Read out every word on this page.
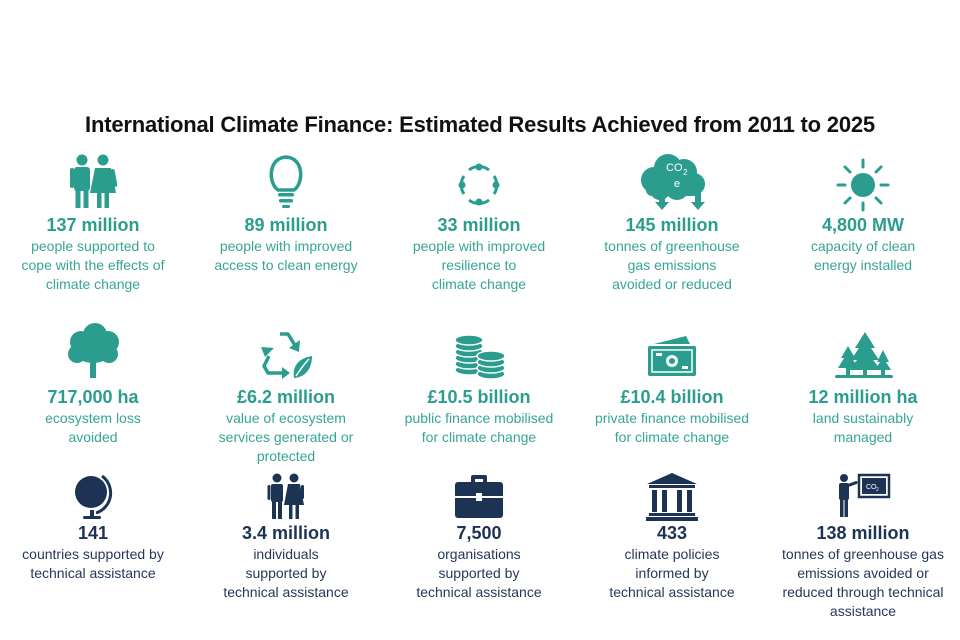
International Climate Finance: Estimated Results Achieved from 2011 to 2025
137 million
people supported to
cope with the effects of
climate change
89 million
people with improved
access to clean energy
33 million
people with improved
resilience to
climate change
CO 2
e
145 million
tonnes of greenhouse
gas emissions
avoided or reduced
4,800 MW
capacity of clean
energy installed
717,000 ha
ecosystem loss
avoided
£6.2 million
value of ecosystem
services generated or
protected
£10.5 billion
public finance mobilised
for climate change
£10.4 billion
private finance mobilised
for climate change
12 million ha
land sustainably
managed
141
countries supported by
technical assistance
3.4 million
individuals
supported by
technical assistance
7,500
organisations
supported by
technical assistance
433
climate policies
informed by
technical assistance
CO 2
138 million
tonnes of greenhouse gas
emissions avoided or
reduced through technical
assistance
